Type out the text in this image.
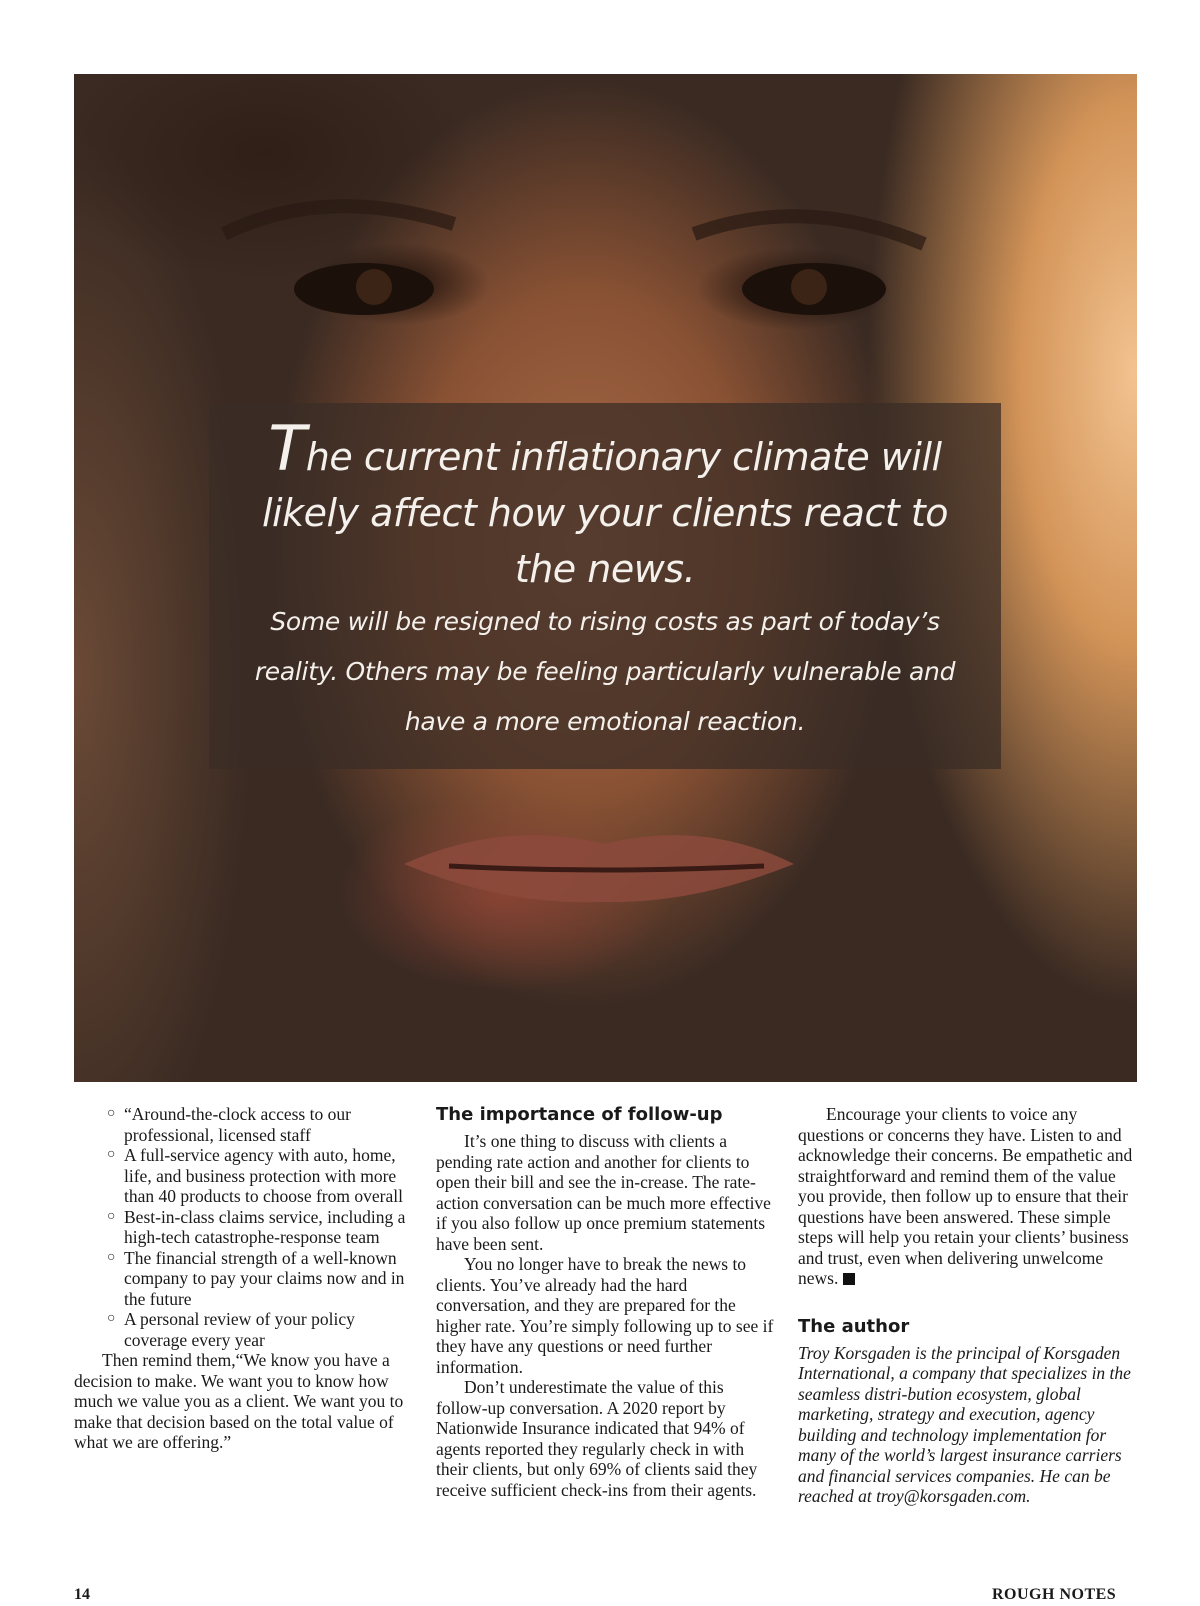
The current inflationary climate will likely affect how your clients react to the news.
Some will be resigned to rising costs as part of today’s reality. Others may be feeling particularly vulnerable and have a more emotional reaction.
○ “Around-the-clock access to our professional, licensed staff
○ A full-service agency with auto, home, life, and business protection with more than 40 products to choose from overall
○ Best-in-class claims service, including a high-tech catastrophe-response team
○ The financial strength of a well-known company to pay your claims now and in the future
○ A personal review of your policy coverage every year

Then remind them,“We know you have a decision to make. We want you to know how much we value you as a client. We want you to make that decision based on the total value of what we are offering.”

The importance of follow-up

It’s one thing to discuss with clients a pending rate action and another for clients to open their bill and see the in-crease. The rate-action conversation can be much more effective if you also follow up once premium statements have been sent.

You no longer have to break the news to clients. You’ve already had the hard conversation, and they are prepared for the higher rate. You’re simply following up to see if they have any questions or need further information.

Don’t underestimate the value of this follow-up conversation. A 2020 report by Nationwide Insurance indicated that 94% of agents reported they regularly check in with their clients, but only 69% of clients said they receive sufficient check-ins from their agents.

Encourage your clients to voice any questions or concerns they have. Listen to and acknowledge their concerns. Be empathetic and straightforward and remind them of the value you provide, then follow up to ensure that their questions have been answered. These simple steps will help you retain your clients’ business and trust, even when delivering unwelcome news.

The author

Troy Korsgaden is the principal of Korsgaden International, a company that specializes in the seamless distri-bution ecosystem, global marketing, strategy and execution, agency building and technology implementation for many of the world’s largest insurance carriers and financial services companies. He can be reached at troy@korsgaden.com.

14	ROUGH NOTES
